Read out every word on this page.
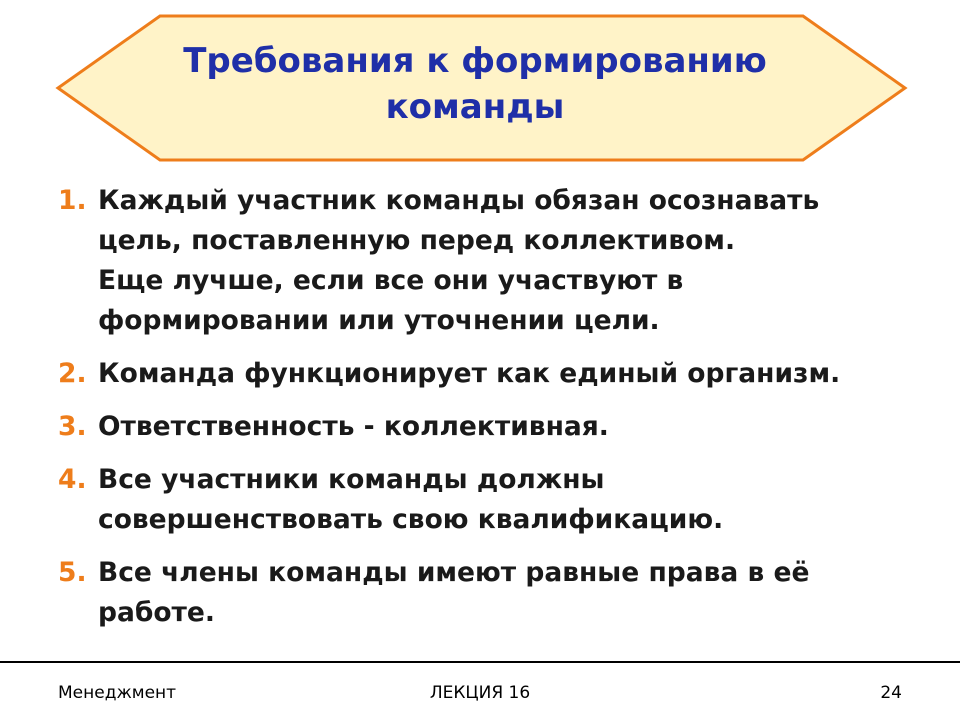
Требования к формированию
команды
1. Каждый участник команды обязан осознавать
цель, поставленную перед коллективом.
Еще лучше, если все они участвуют в
формировании или уточнении цели.
2. Команда функционирует как единый организм.
3. Ответственность - коллективная.
4. Все участники команды должны
совершенствовать свою квалификацию.
5. Все члены команды имеют равные права в её
работе.
Менеджмент	ЛЕКЦИЯ 16	24
